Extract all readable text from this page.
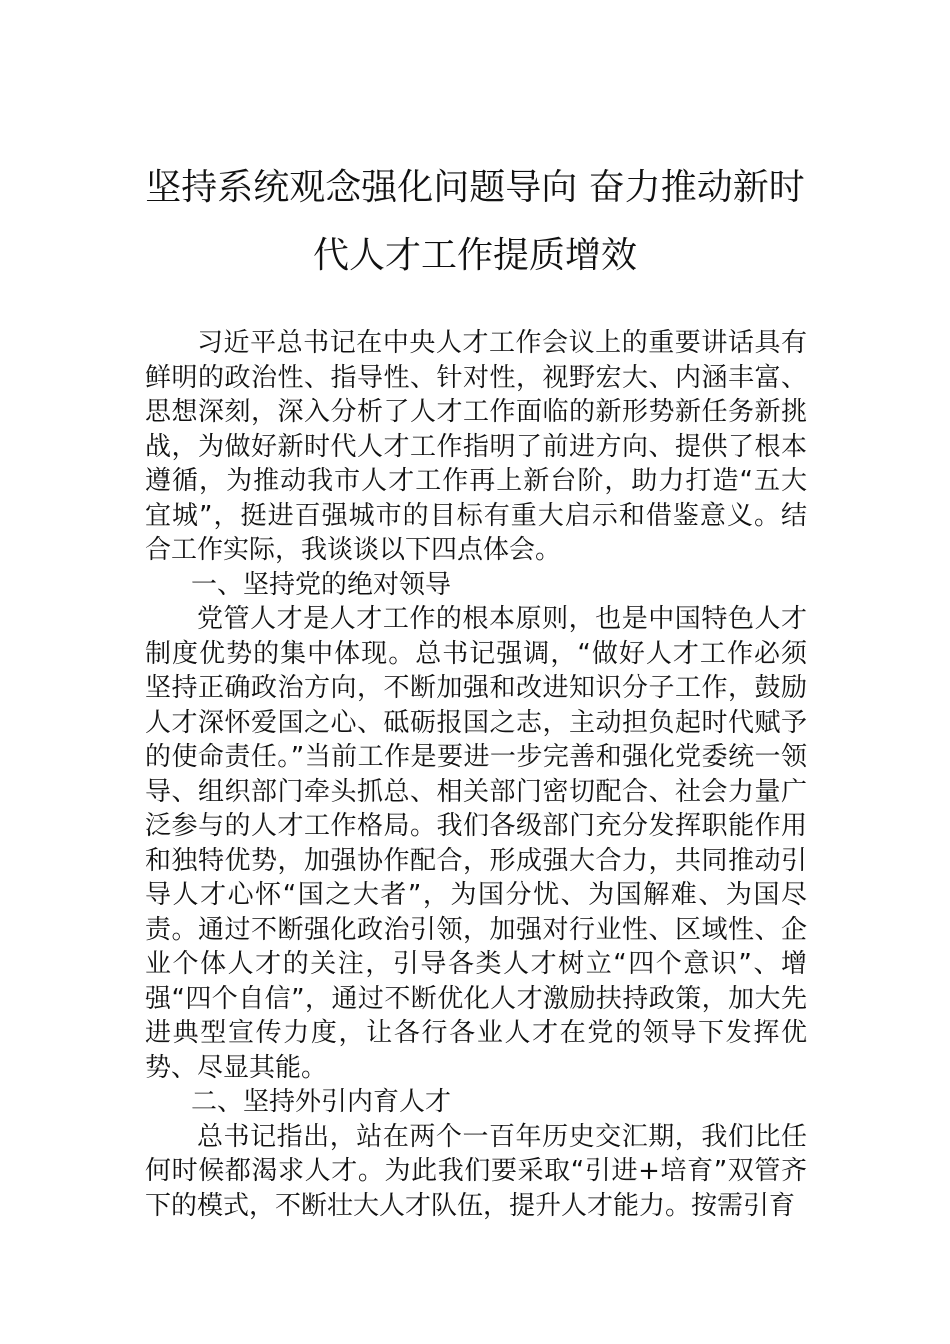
坚持系统观念强化问题导向 奋力推动新时
代人才工作提质增效

习近平总书记在中央人才工作会议上的重要讲话具有鲜明的政治性、指导性、针对性，视野宏大、内涵丰富、思想深刻，深入分析了人才工作面临的新形势新任务新挑战，为做好新时代人才工作指明了前进方向、提供了根本遵循，为推动我市人才工作再上新台阶，助力打造“五大宜城”，挺进百强城市的目标有重大启示和借鉴意义。结合工作实际，我谈谈以下四点体会。

一、坚持党的绝对领导

党管人才是人才工作的根本原则，也是中国特色人才制度优势的集中体现。总书记强调，“做好人才工作必须坚持正确政治方向，不断加强和改进知识分子工作，鼓励人才深怀爱国之心、砥砺报国之志，主动担负起时代赋予的使命责任。”当前工作是要进一步完善和强化党委统一领导、组织部门牵头抓总、相关部门密切配合、社会力量广泛参与的人才工作格局。我们各级部门充分发挥职能作用和独特优势，加强协作配合，形成强大合力，共同推动引导人才心怀“国之大者”，为国分忧、为国解难、为国尽责。通过不断强化政治引领，加强对行业性、区域性、企业个体人才的关注，引导各类人才树立“四个意识”、增强“四个自信”，通过不断优化人才激励扶持政策，加大先进典型宣传力度，让各行各业人才在党的领导下发挥优势、尽显其能。

二、坚持外引内育人才

总书记指出，站在两个一百年历史交汇期，我们比任何时候都渴求人才。为此我们要采取“引进+培育”双管齐下的模式，不断壮大人才队伍，提升人才能力。按需引育
